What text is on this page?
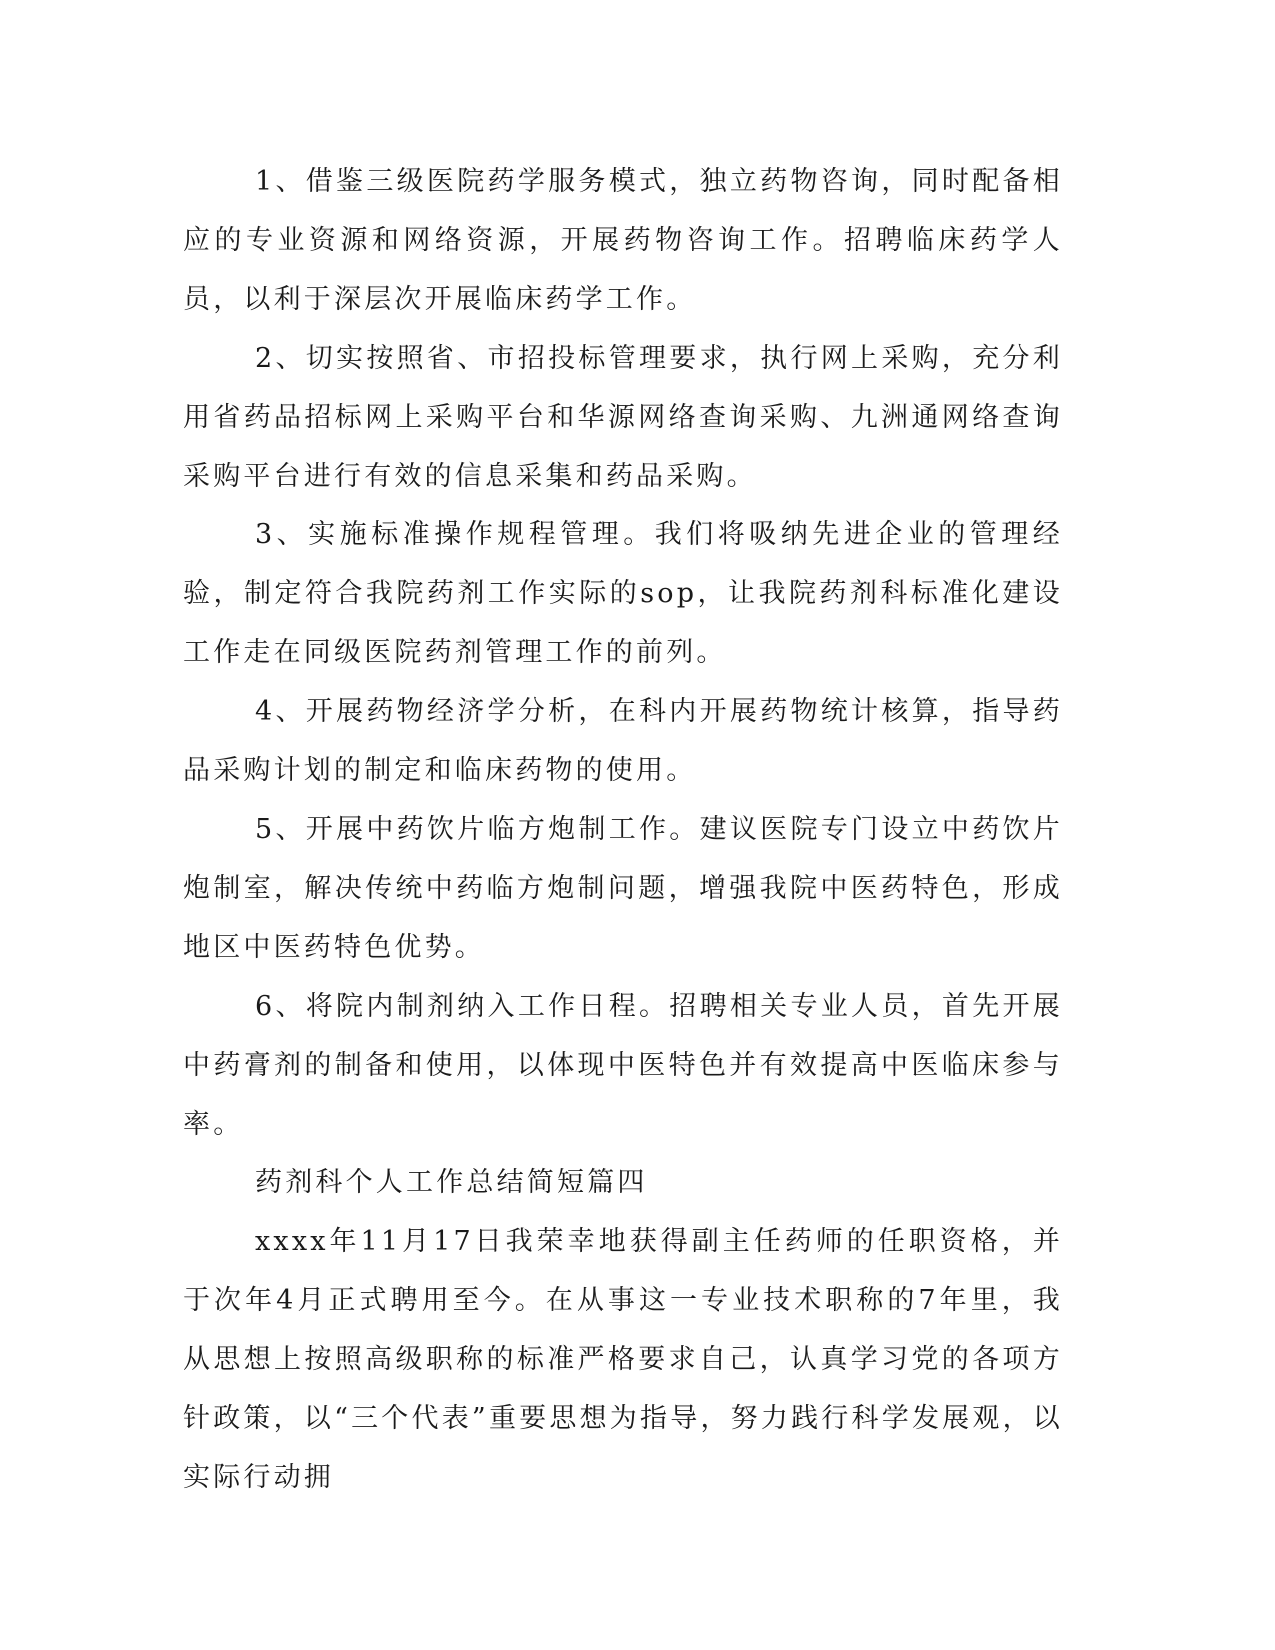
1、借鉴三级医院药学服务模式，独立药物咨询，同时配备相应的专业资源和网络资源，开展药物咨询工作。招聘临床药学人员，以利于深层次开展临床药学工作。

2、切实按照省、市招投标管理要求，执行网上采购，充分利用省药品招标网上采购平台和华源网络查询采购、九洲通网络查询采购平台进行有效的信息采集和药品采购。

3、实施标准操作规程管理。我们将吸纳先进企业的管理经验，制定符合我院药剂工作实际的sop，让我院药剂科标准化建设工作走在同级医院药剂管理工作的前列。

4、开展药物经济学分析，在科内开展药物统计核算，指导药品采购计划的制定和临床药物的使用。

5、开展中药饮片临方炮制工作。建议医院专门设立中药饮片炮制室，解决传统中药临方炮制问题，增强我院中医药特色，形成地区中医药特色优势。

6、将院内制剂纳入工作日程。招聘相关专业人员，首先开展中药膏剂的制备和使用，以体现中医特色并有效提高中医临床参与率。

药剂科个人工作总结简短篇四

xxxx年11月17日我荣幸地获得副主任药师的任职资格，并于次年4月正式聘用至今。在从事这一专业技术职称的7年里，我从思想上按照高级职称的标准严格要求自己，认真学习党的各项方针政策，以“三个代表”重要思想为指导，努力践行科学发展观，以实际行动拥
